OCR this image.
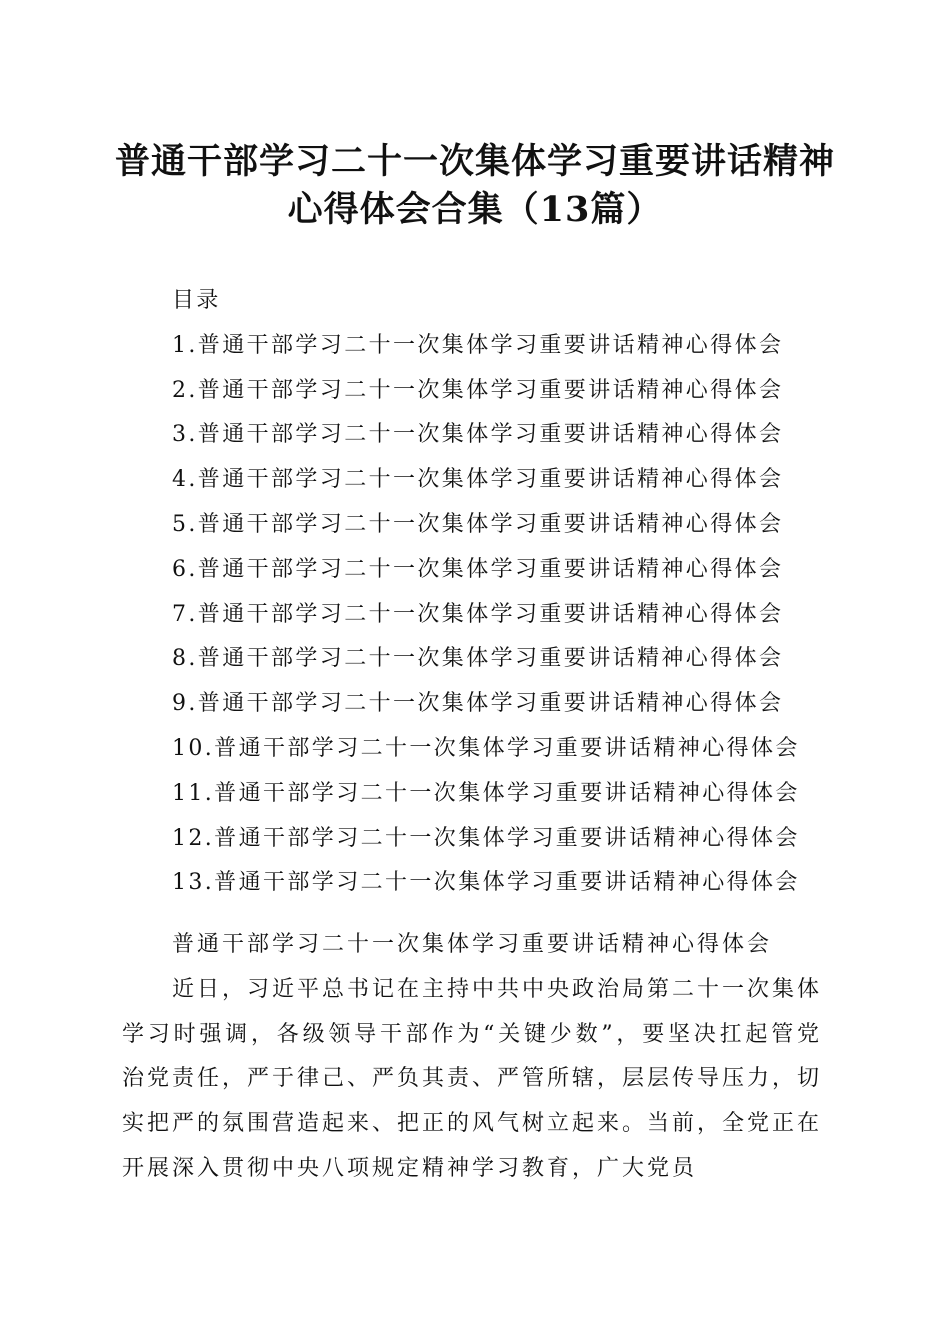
普通干部学习二十一次集体学习重要讲话精神
心得体会合集（13篇）
目录
1.普通干部学习二十一次集体学习重要讲话精神心得体会
2.普通干部学习二十一次集体学习重要讲话精神心得体会
3.普通干部学习二十一次集体学习重要讲话精神心得体会
4.普通干部学习二十一次集体学习重要讲话精神心得体会
5.普通干部学习二十一次集体学习重要讲话精神心得体会
6.普通干部学习二十一次集体学习重要讲话精神心得体会
7.普通干部学习二十一次集体学习重要讲话精神心得体会
8.普通干部学习二十一次集体学习重要讲话精神心得体会
9.普通干部学习二十一次集体学习重要讲话精神心得体会
10.普通干部学习二十一次集体学习重要讲话精神心得体会
11.普通干部学习二十一次集体学习重要讲话精神心得体会
12.普通干部学习二十一次集体学习重要讲话精神心得体会
13.普通干部学习二十一次集体学习重要讲话精神心得体会
普通干部学习二十一次集体学习重要讲话精神心得体会
近日，习近平总书记在主持中共中央政治局第二十一次集体学习时强调，各级领导干部作为“关键少数”，要坚决扛起管党治党责任，严于律己、严负其责、严管所辖，层层传导压力，切实把严的氛围营造起来、把正的风气树立起来。当前，全党正在开展深入贯彻中央八项规定精神学习教育，广大党员
